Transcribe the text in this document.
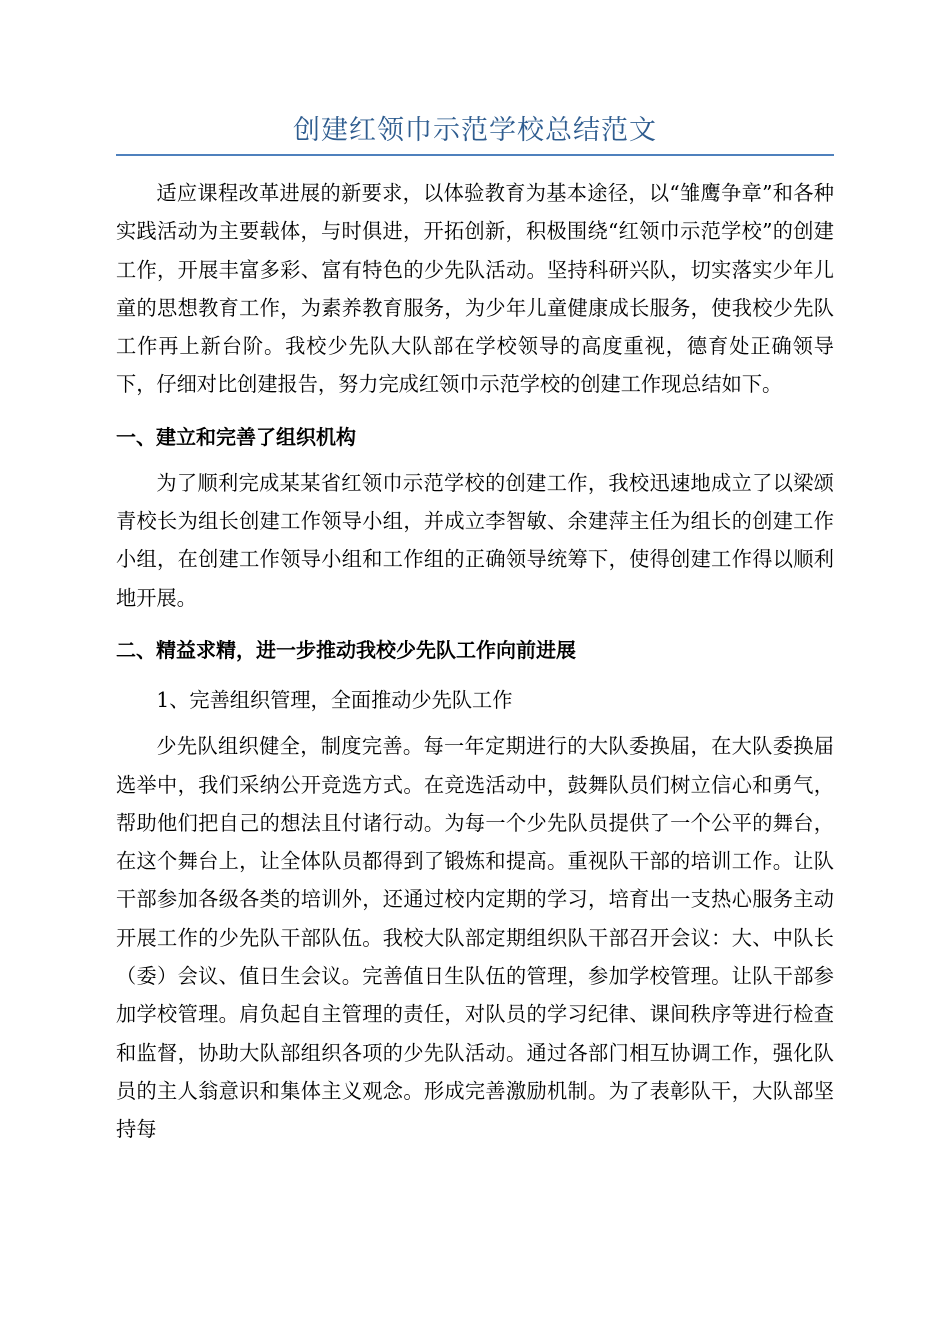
创建红领巾示范学校总结范文

适应课程改革进展的新要求，以体验教育为基本途径，以“雏鹰争章”和各种实践活动为主要载体，与时俱进，开拓创新，积极围绕“红领巾示范学校”的创建工作，开展丰富多彩、富有特色的少先队活动。坚持科研兴队，切实落实少年儿童的思想教育工作，为素养教育服务，为少年儿童健康成长服务，使我校少先队工作再上新台阶。我校少先队大队部在学校领导的高度重视，德育处正确领导下，仔细对比创建报告，努力完成红领巾示范学校的创建工作现总结如下。

一、建立和完善了组织机构

为了顺利完成某某省红领巾示范学校的创建工作，我校迅速地成立了以梁颂青校长为组长创建工作领导小组，并成立李智敏、余建萍主任为组长的创建工作小组，在创建工作领导小组和工作组的正确领导统筹下，使得创建工作得以顺利地开展。

二、精益求精，进一步推动我校少先队工作向前进展

1、完善组织管理，全面推动少先队工作

少先队组织健全，制度完善。每一年定期进行的大队委换届，在大队委换届选举中，我们采纳公开竞选方式。在竞选活动中，鼓舞队员们树立信心和勇气，帮助他们把自己的想法且付诸行动。为每一个少先队员提供了一个公平的舞台，在这个舞台上，让全体队员都得到了锻炼和提高。重视队干部的培训工作。让队干部参加各级各类的培训外，还通过校内定期的学习，培育出一支热心服务主动开展工作的少先队干部队伍。我校大队部定期组织队干部召开会议：大、中队长（委）会议、值日生会议。完善值日生队伍的管理，参加学校管理。让队干部参加学校管理。肩负起自主管理的责任，对队员的学习纪律、课间秩序等进行检查和监督，协助大队部组织各项的少先队活动。通过各部门相互协调工作，强化队员的主人翁意识和集体主义观念。形成完善激励机制。为了表彰队干，大队部坚持每
